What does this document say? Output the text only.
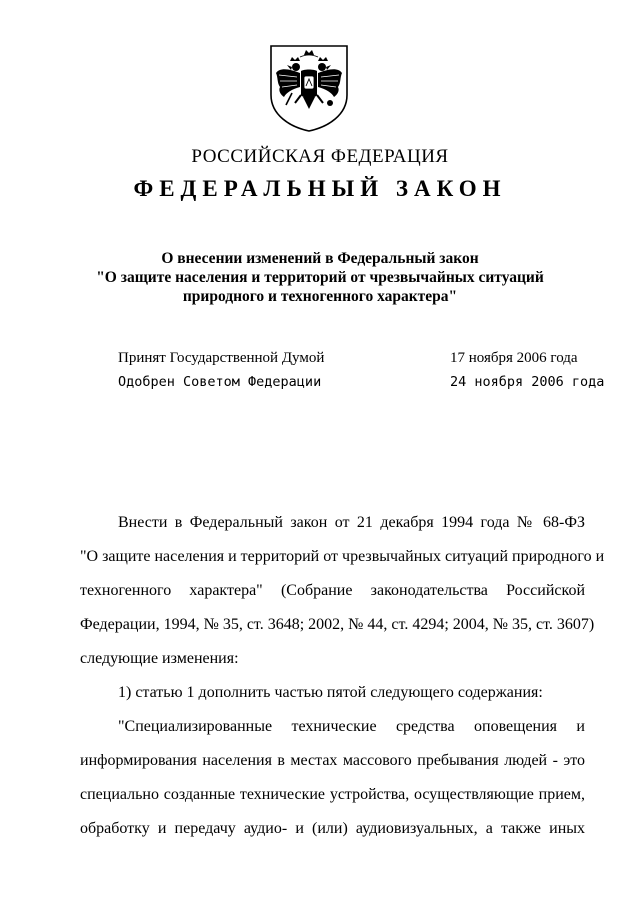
РОССИЙСКАЯ ФЕДЕРАЦИЯ
ФЕДЕРАЛЬНЫЙ ЗАКОН
О внесении изменений в Федеральный закон
"О защите населения и территорий от чрезвычайных ситуаций
природного и техногенного характера"
Принят Государственной Думой	17 ноября 2006 года
Одобрен Советом Федерации	24 ноября 2006 года
Внести в Федеральный закон от 21 декабря 1994 года № 68-ФЗ
"О защите населения и территорий от чрезвычайных ситуаций природного и
техногенного характера" (Собрание законодательства Российской
Федерации, 1994, № 35, ст. 3648; 2002, № 44, ст. 4294; 2004, № 35, ст. 3607)
следующие изменения:
1) статью 1 дополнить частью пятой следующего содержания:
"Специализированные технические средства оповещения и
информирования населения в местах массового пребывания людей - это
специально созданные технические устройства, осуществляющие прием,
обработку и передачу аудио- и (или) аудиовизуальных, а также иных
